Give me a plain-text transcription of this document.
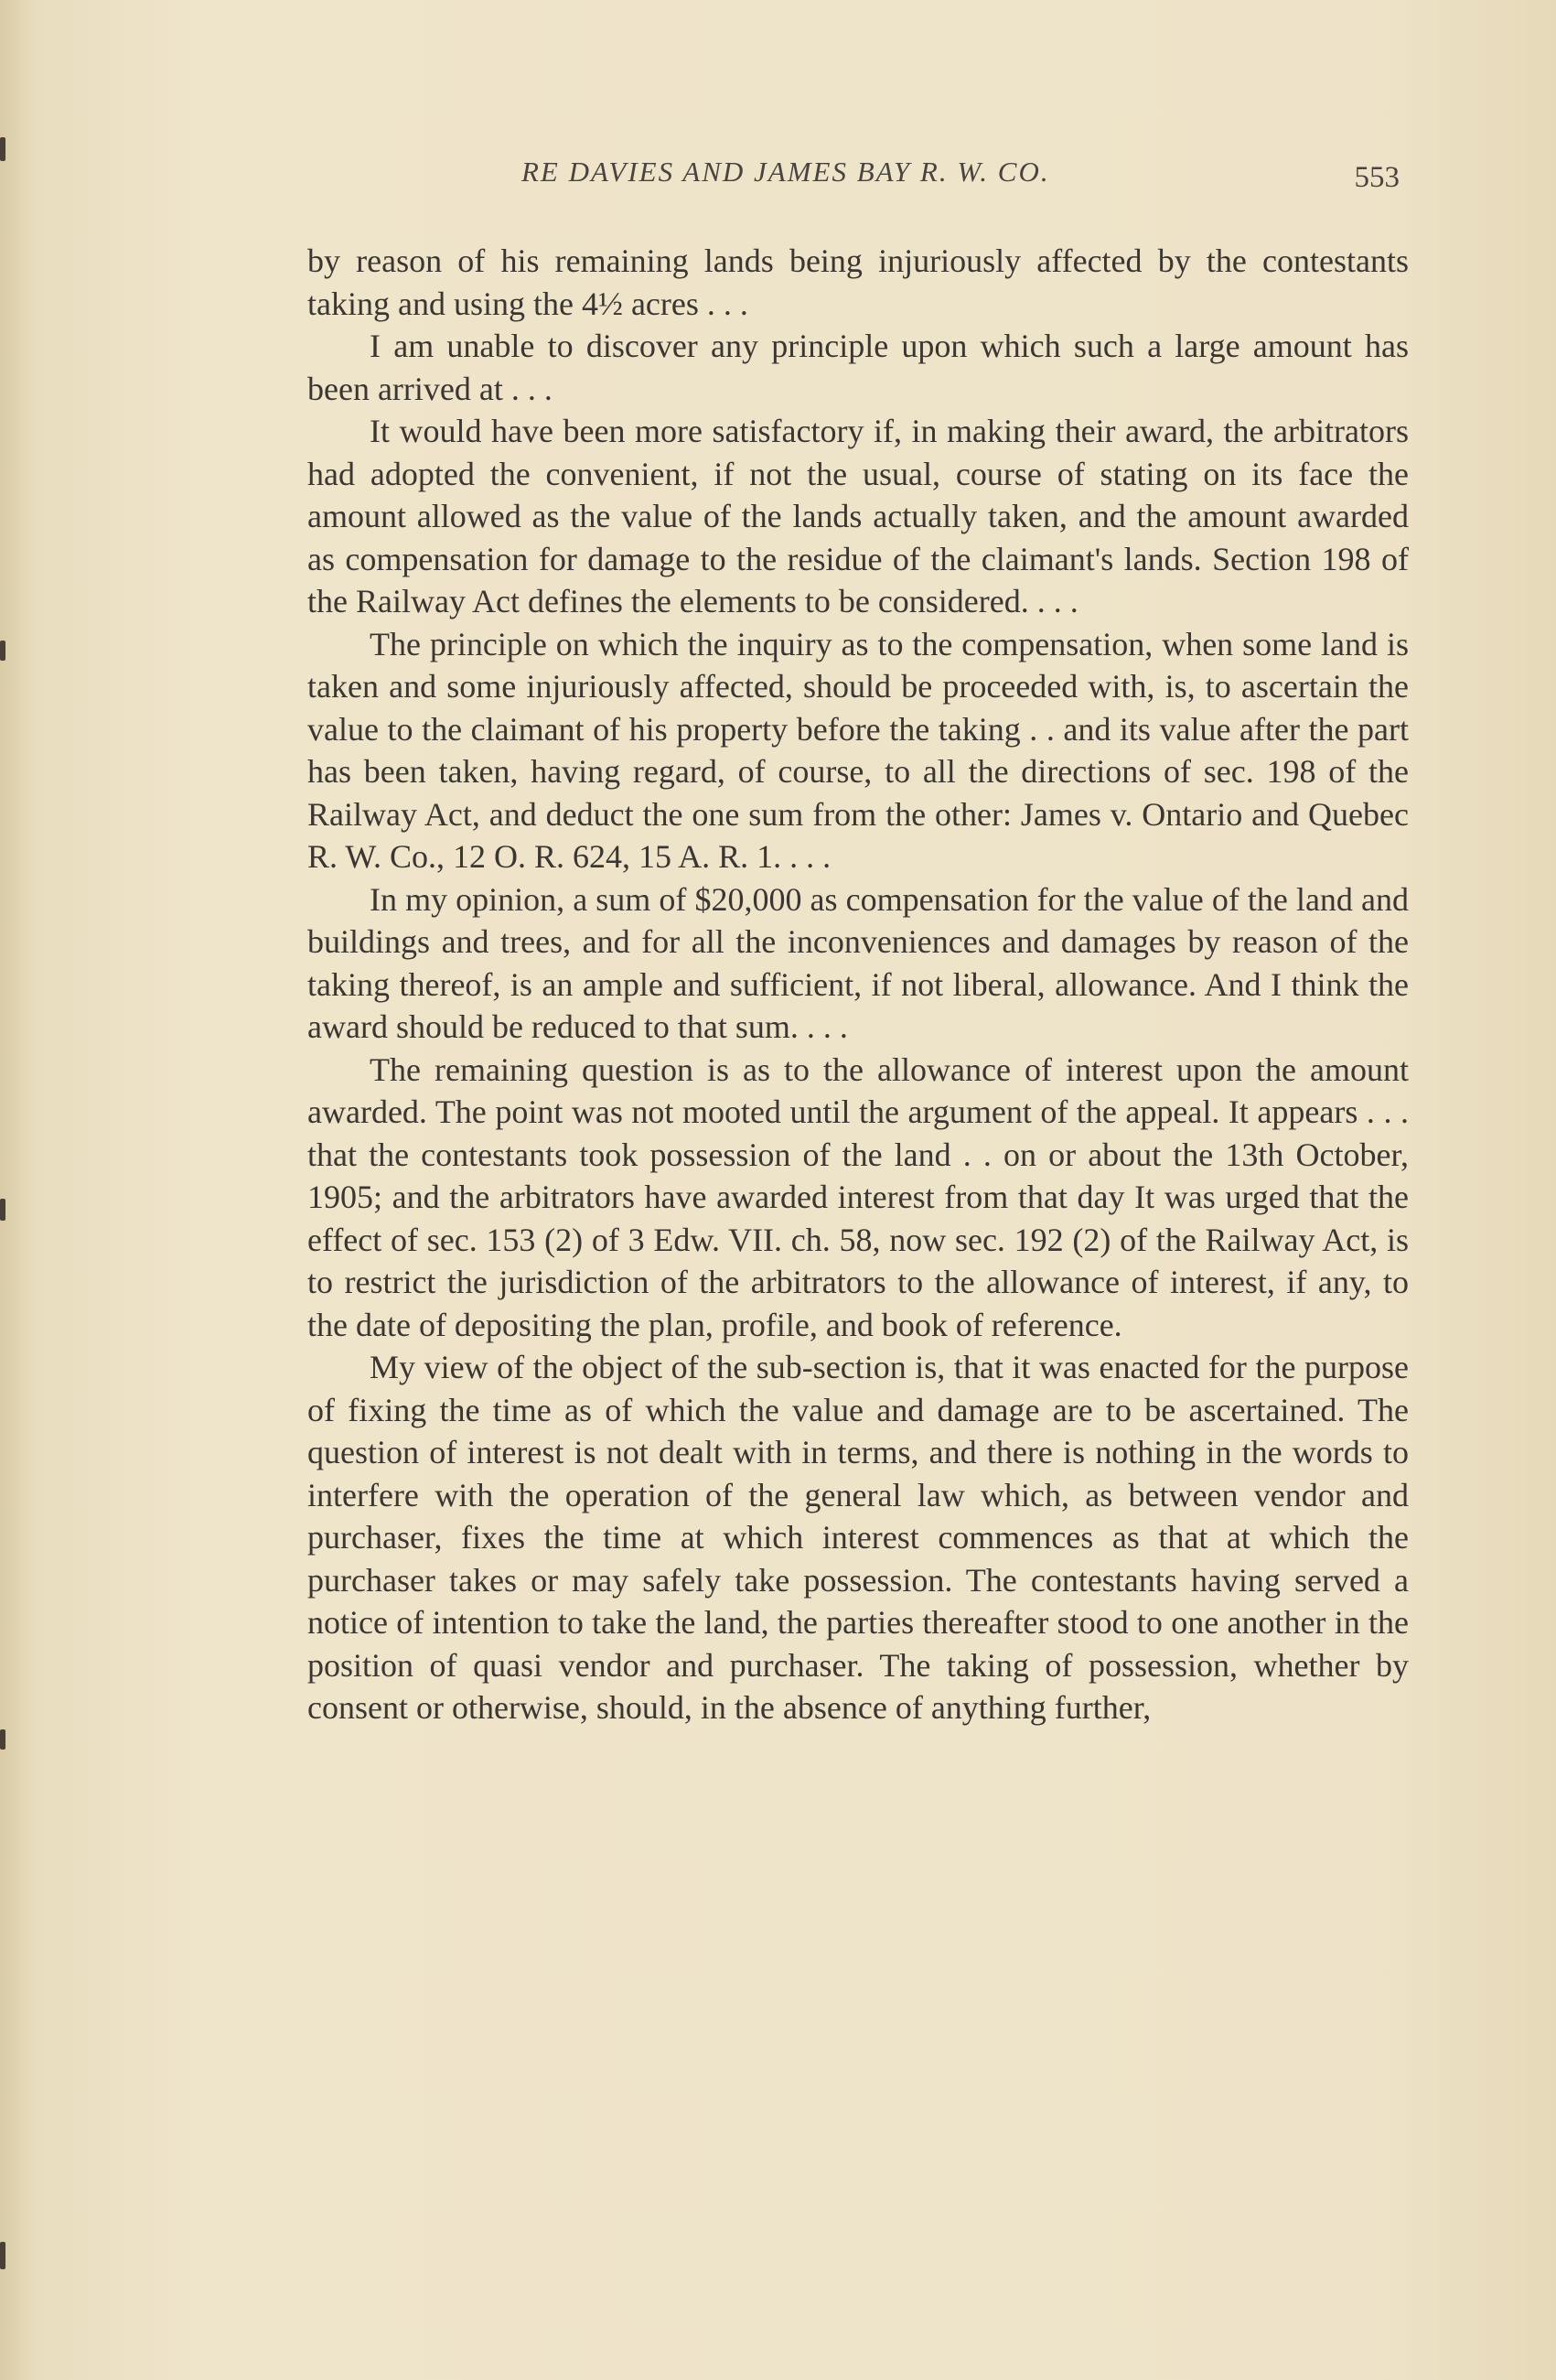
RE DAVIES AND JAMES BAY R. W. CO.	553

by reason of his remaining lands being injuriously affected by the contestants taking and using the 4½ acres . . .

I am unable to discover any principle upon which such a large amount has been arrived at . . .

It would have been more satisfactory if, in making their award, the arbitrators had adopted the convenient, if not the usual, course of stating on its face the amount allowed as the value of the lands actually taken, and the amount awarded as compensation for damage to the residue of the claimant's lands. Section 198 of the Railway Act defines the elements to be considered. . . .

The principle on which the inquiry as to the compensation, when some land is taken and some injuriously affected, should be proceeded with, is, to ascertain the value to the claimant of his property before the taking . . and its value after the part has been taken, having regard, of course, to all the directions of sec. 198 of the Railway Act, and deduct the one sum from the other: James v. Ontario and Quebec R. W. Co., 12 O. R. 624, 15 A. R. 1. . . .

In my opinion, a sum of $20,000 as compensation for the value of the land and buildings and trees, and for all the inconveniences and damages by reason of the taking thereof, is an ample and sufficient, if not liberal, allowance. And I think the award should be reduced to that sum. . . .

The remaining question is as to the allowance of interest upon the amount awarded. The point was not mooted until the argument of the appeal. It appears . . . that the contestants took possession of the land . . on or about the 13th October, 1905; and the arbitrators have awarded interest from that day It was urged that the effect of sec. 153 (2) of 3 Edw. VII. ch. 58, now sec. 192 (2) of the Railway Act, is to restrict the jurisdiction of the arbitrators to the allowance of interest, if any, to the date of depositing the plan, profile, and book of reference.

My view of the object of the sub-section is, that it was enacted for the purpose of fixing the time as of which the value and damage are to be ascertained. The question of interest is not dealt with in terms, and there is nothing in the words to interfere with the operation of the general law which, as between vendor and purchaser, fixes the time at which interest commences as that at which the purchaser takes or may safely take possession. The contestants having served a notice of intention to take the land, the parties thereafter stood to one another in the position of quasi vendor and purchaser. The taking of possession, whether by consent or otherwise, should, in the absence of anything further,
